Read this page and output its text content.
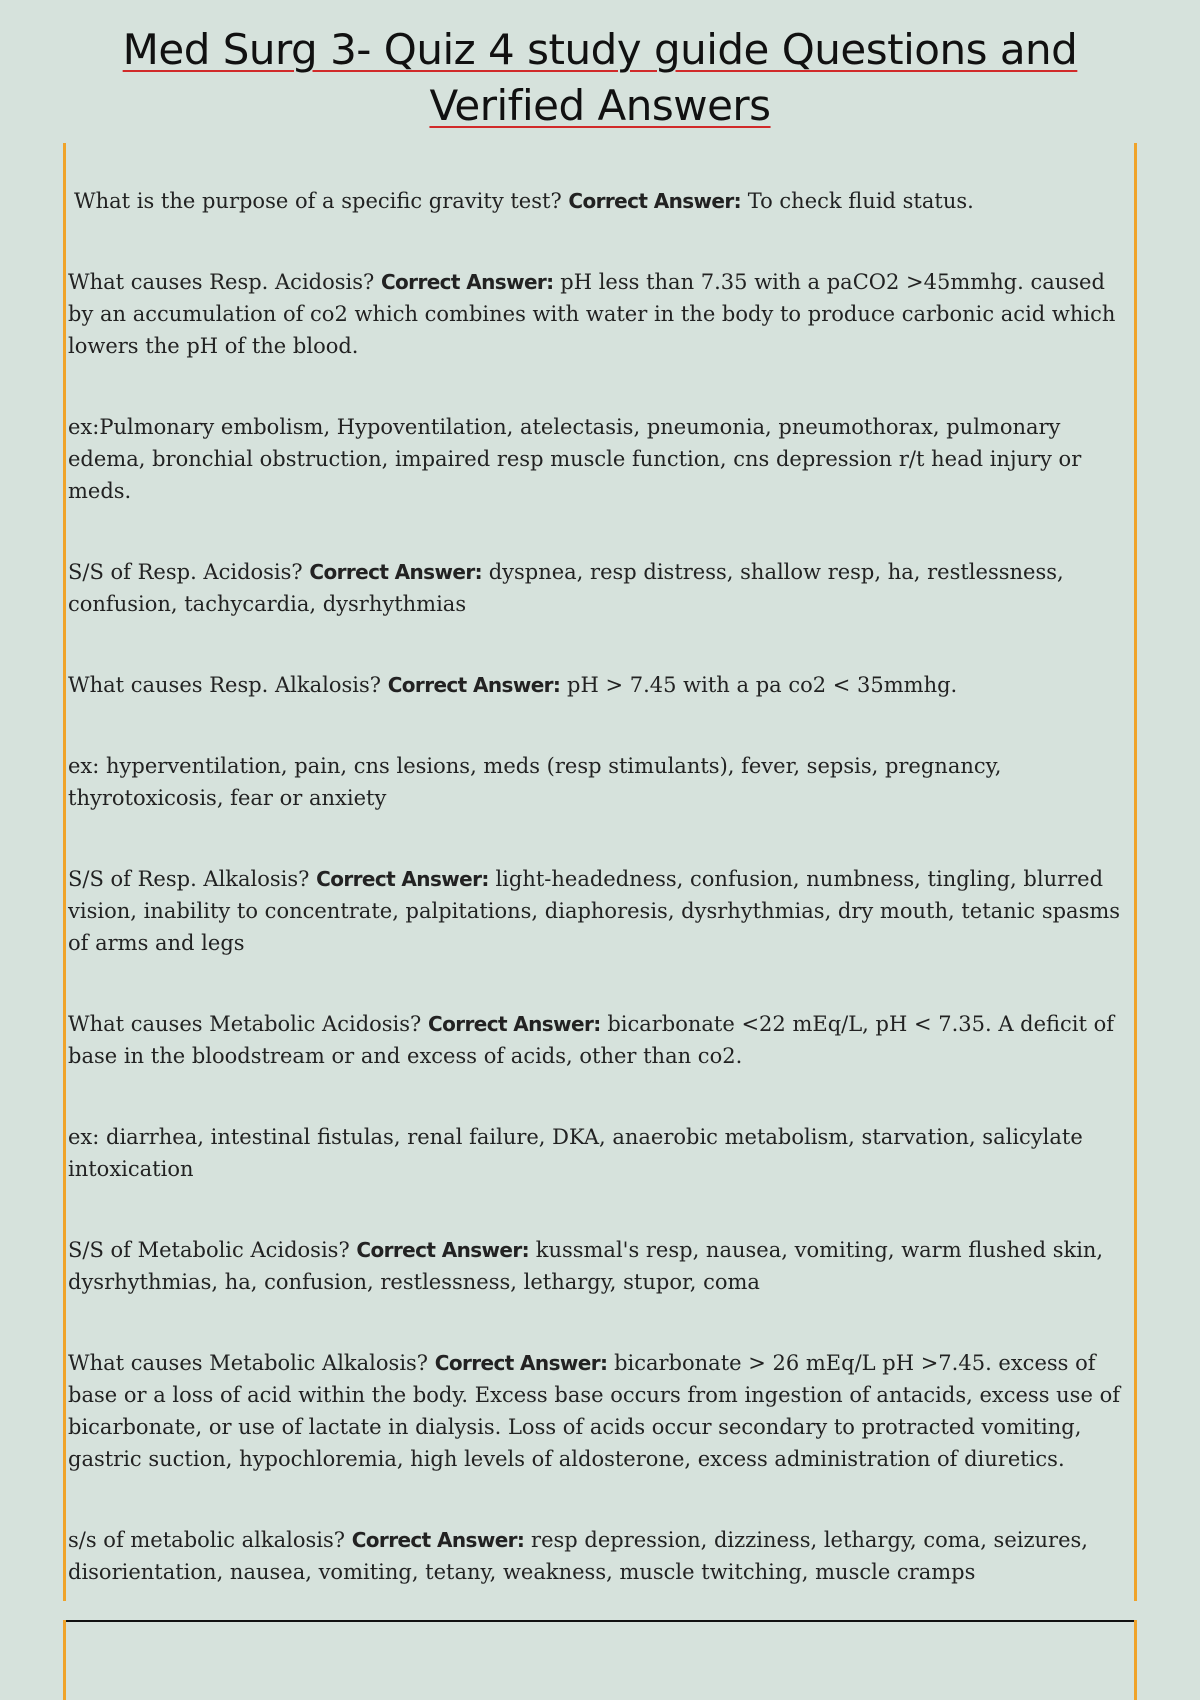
Med Surg 3- Quiz 4 study guide Questions and
Verified Answers

What is the purpose of a specific gravity test? Correct Answer: To check fluid status.

What causes Resp. Acidosis? Correct Answer: pH less than 7.35 with a paCO2 >45mmhg. caused by an accumulation of co2 which combines with water in the body to produce carbonic acid which lowers the pH of the blood.

ex:Pulmonary embolism, Hypoventilation, atelectasis, pneumonia, pneumothorax, pulmonary edema, bronchial obstruction, impaired resp muscle function, cns depression r/t head injury or meds.

S/S of Resp. Acidosis? Correct Answer: dyspnea, resp distress, shallow resp, ha, restlessness, confusion, tachycardia, dysrhythmias

What causes Resp. Alkalosis? Correct Answer: pH > 7.45 with a pa co2 < 35mmhg.

ex: hyperventilation, pain, cns lesions, meds (resp stimulants), fever, sepsis, pregnancy, thyrotoxicosis, fear or anxiety

S/S of Resp. Alkalosis? Correct Answer: light-headedness, confusion, numbness, tingling, blurred vision, inability to concentrate, palpitations, diaphoresis, dysrhythmias, dry mouth, tetanic spasms of arms and legs

What causes Metabolic Acidosis? Correct Answer: bicarbonate <22 mEq/L, pH < 7.35. A deficit of base in the bloodstream or and excess of acids, other than co2.

ex: diarrhea, intestinal fistulas, renal failure, DKA, anaerobic metabolism, starvation, salicylate intoxication

S/S of Metabolic Acidosis? Correct Answer: kussmal's resp, nausea, vomiting, warm flushed skin, dysrhythmias, ha, confusion, restlessness, lethargy, stupor, coma

What causes Metabolic Alkalosis? Correct Answer: bicarbonate > 26 mEq/L pH >7.45. excess of base or a loss of acid within the body. Excess base occurs from ingestion of antacids, excess use of bicarbonate, or use of lactate in dialysis. Loss of acids occur secondary to protracted vomiting, gastric suction, hypochloremia, high levels of aldosterone, excess administration of diuretics.

s/s of metabolic alkalosis? Correct Answer: resp depression, dizziness, lethargy, coma, seizures, disorientation, nausea, vomiting, tetany, weakness, muscle twitching, muscle cramps
